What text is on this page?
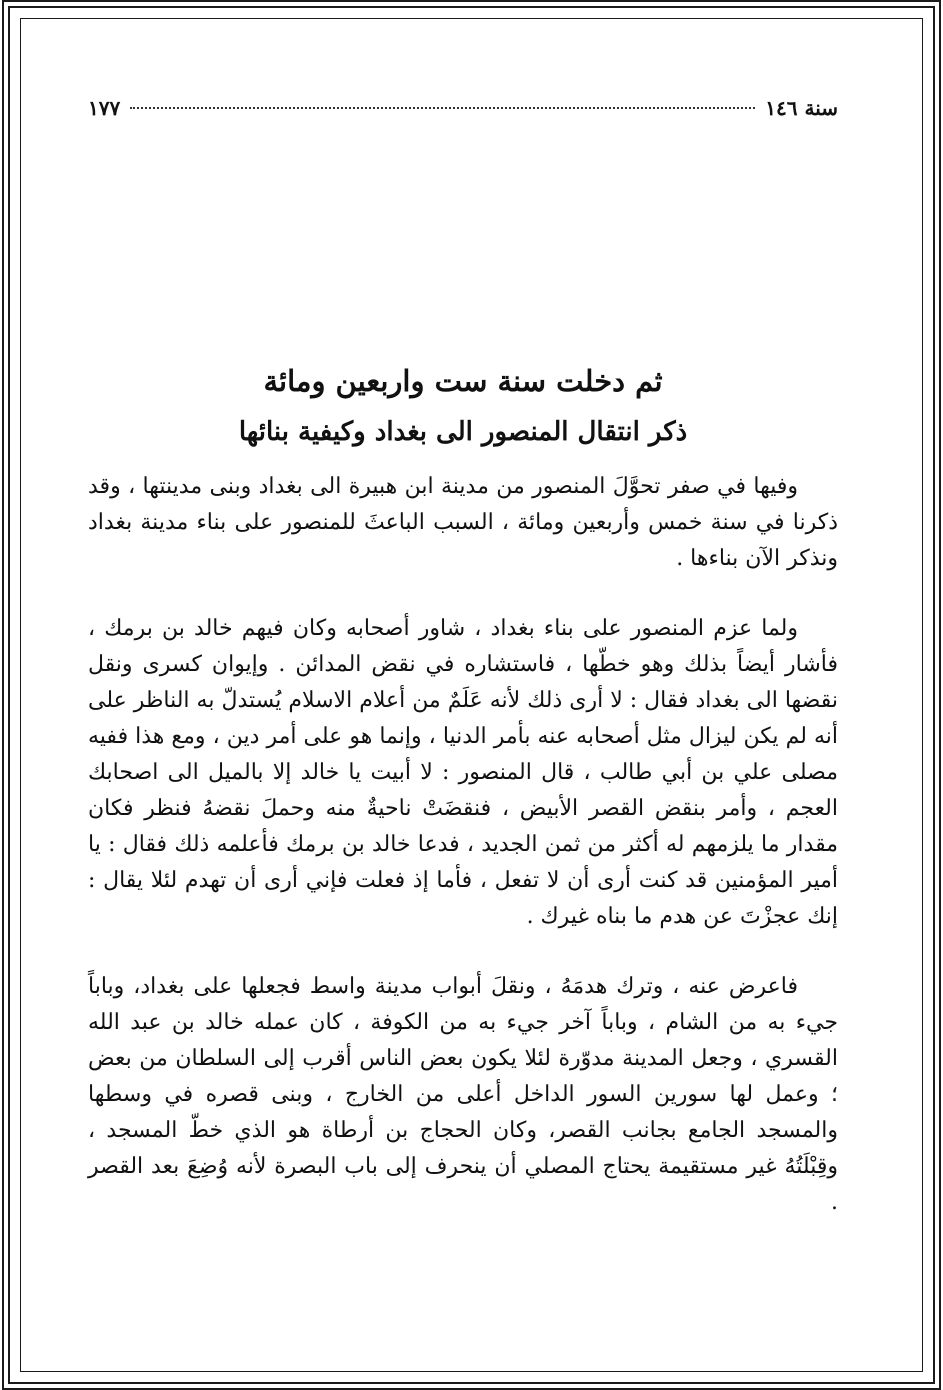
سنة ١٤٦
١٧٧
ثم دخلت سنة ست واربعين ومائة
ذكر انتقال المنصور الى بغداد وكيفية بنائها

وفيها في صفر تحوَّلَ المنصور من مدينة ابن هبيرة الى بغداد وبنى مدينتها ، وقد ذكرنا في سنة خمس وأربعين ومائة ، السبب الباعثَ للمنصور على بناء مدينة بغداد ونذكر الآن بناءها .

ولما عزم المنصور على بناء بغداد ، شاور أصحابه وكان فيهم خالد بن برمك ، فأشار أيضاً بذلك وهو خطّها ، فاستشاره في نقض المدائن . وإيوان كسرى ونقل نقضها الى بغداد فقال : لا أرى ذلك لأنه عَلَمٌ من أعلام الاسلام يُستدلّ به الناظر على أنه لم يكن ليزال مثل أصحابه عنه بأمر الدنيا ، وإنما هو على أمر دين ، ومع هذا ففيه مصلى علي بن أبي طالب ، قال المنصور : لا أبيت يا خالد إلا بالميل الى اصحابك العجم ، وأمر بنقض القصر الأبيض ، فنقضَتْ ناحيةٌ منه وحملَ نقضهُ فنظر فكان مقدار ما يلزمهم له أكثر من ثمن الجديد ، فدعا خالد بن برمك فأعلمه ذلك فقال : يا أمير المؤمنين قد كنت أرى أن لا تفعل ، فأما إذ فعلت فإني أرى أن تهدم لئلا يقال : إنك عجزْتَ عن هدم ما بناه غيرك .

فاعرض عنه ، وترك هدمَهُ ، ونقلَ أبواب مدينة واسط فجعلها على بغداد، وباباً جيء به من الشام ، وباباً آخر جيء به من الكوفة ، كان عمله خالد بن عبد الله القسري ، وجعل المدينة مدوّرة لئلا يكون بعض الناس أقرب إلى السلطان من بعض ؛ وعمل لها سورين السور الداخل أعلى من الخارج ، وبنى قصره في وسطها والمسجد الجامع بجانب القصر، وكان الحجاج بن أرطاة هو الذي خطّ المسجد ، وقِبْلَتُهُ غير مستقيمة يحتاج المصلي أن ينحرف إلى باب البصرة لأنه وُضِعَ بعد القصر .
